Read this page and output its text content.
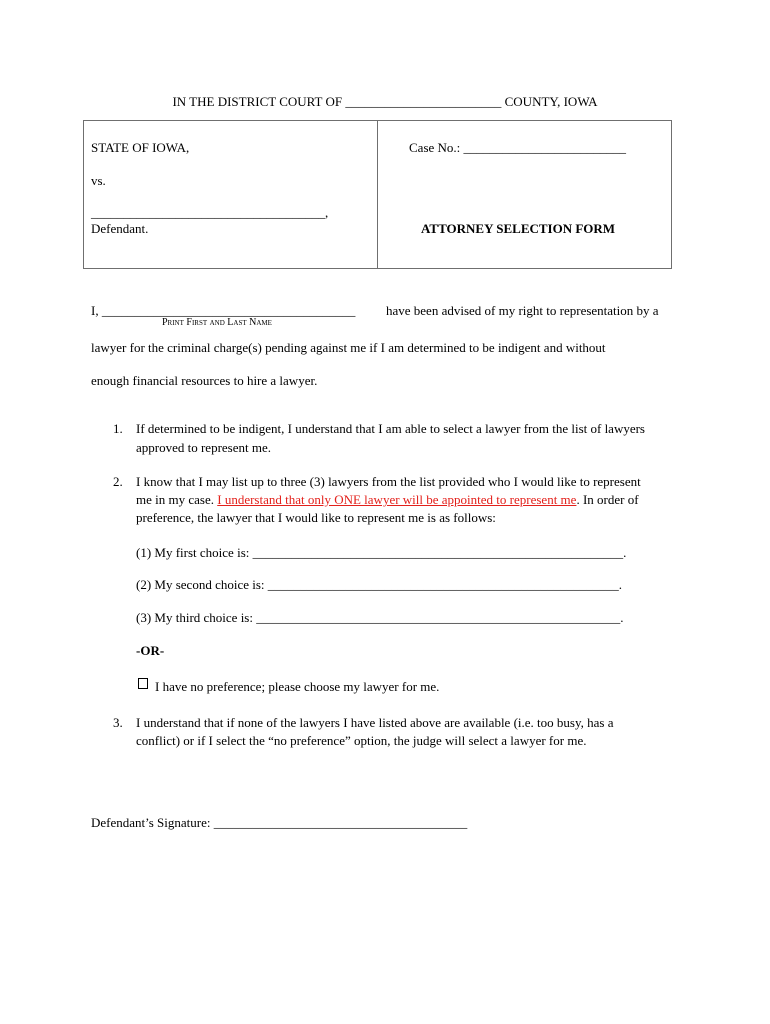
IN THE DISTRICT COURT OF ________________________ COUNTY, IOWA
STATE OF IOWA,
vs.
____________________________________,
Defendant.
Case No.: _________________________
ATTORNEY SELECTION FORM
I, _______________________________________ have been advised of my right to representation by a
Print First and Last Name
lawyer for the criminal charge(s) pending against me if I am determined to be indigent and without
enough financial resources to hire a lawyer.
1. If determined to be indigent, I understand that I am able to select a lawyer from the list of lawyers
approved to represent me.
2. I know that I may list up to three (3) lawyers from the list provided who I would like to represent
me in my case. I understand that only ONE lawyer will be appointed to represent me. In order of
preference, the lawyer that I would like to represent me is as follows:
(1) My first choice is: _________________________________________________________.
(2) My second choice is: ______________________________________________________.
(3) My third choice is: ________________________________________________________.
-OR-
I have no preference; please choose my lawyer for me.
3. I understand that if none of the lawyers I have listed above are available (i.e. too busy, has a
conflict) or if I select the “no preference” option, the judge will select a lawyer for me.
Defendant’s Signature: _______________________________________
